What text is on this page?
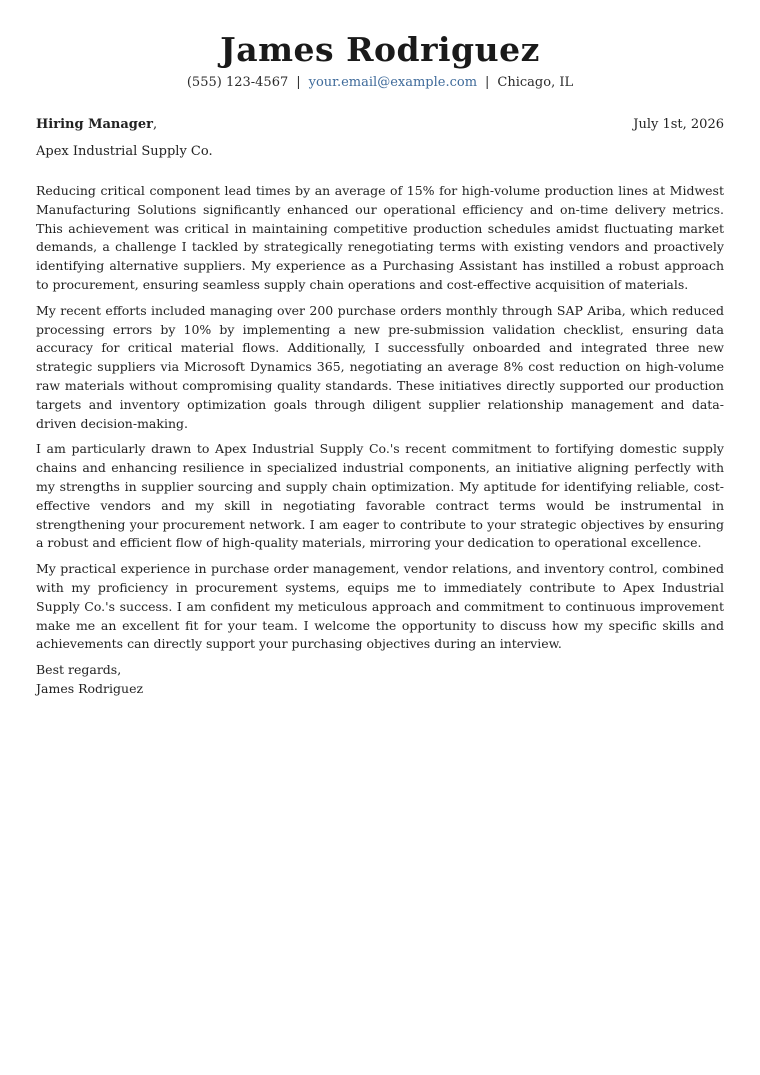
James Rodriguez
(555) 123-4567 | your.email@example.com | Chicago, IL
Hiring Manager,	July 1st, 2026
Apex Industrial Supply Co.

Reducing critical component lead times by an average of 15% for high-volume production lines at Midwest Manufacturing Solutions significantly enhanced our operational efficiency and on-time delivery metrics. This achievement was critical in maintaining competitive production schedules amidst fluctuating market demands, a challenge I tackled by strategically renegotiating terms with existing vendors and proactively identifying alternative suppliers. My experience as a Purchasing Assistant has instilled a robust approach to procurement, ensuring seamless supply chain operations and cost-effective acquisition of materials.

My recent efforts included managing over 200 purchase orders monthly through SAP Ariba, which reduced processing errors by 10% by implementing a new pre-submission validation checklist, ensuring data accuracy for critical material flows. Additionally, I successfully onboarded and integrated three new strategic suppliers via Microsoft Dynamics 365, negotiating an average 8% cost reduction on high-volume raw materials without compromising quality standards. These initiatives directly supported our production targets and inventory optimization goals through diligent supplier relationship management and data-driven decision-making.

I am particularly drawn to Apex Industrial Supply Co.'s recent commitment to fortifying domestic supply chains and enhancing resilience in specialized industrial components, an initiative aligning perfectly with my strengths in supplier sourcing and supply chain optimization. My aptitude for identifying reliable, cost-effective vendors and my skill in negotiating favorable contract terms would be instrumental in strengthening your procurement network. I am eager to contribute to your strategic objectives by ensuring a robust and efficient flow of high-quality materials, mirroring your dedication to operational excellence.

My practical experience in purchase order management, vendor relations, and inventory control, combined with my proficiency in procurement systems, equips me to immediately contribute to Apex Industrial Supply Co.'s success. I am confident my meticulous approach and commitment to continuous improvement make me an excellent fit for your team. I welcome the opportunity to discuss how my specific skills and achievements can directly support your purchasing objectives during an interview.

Best regards,
James Rodriguez
